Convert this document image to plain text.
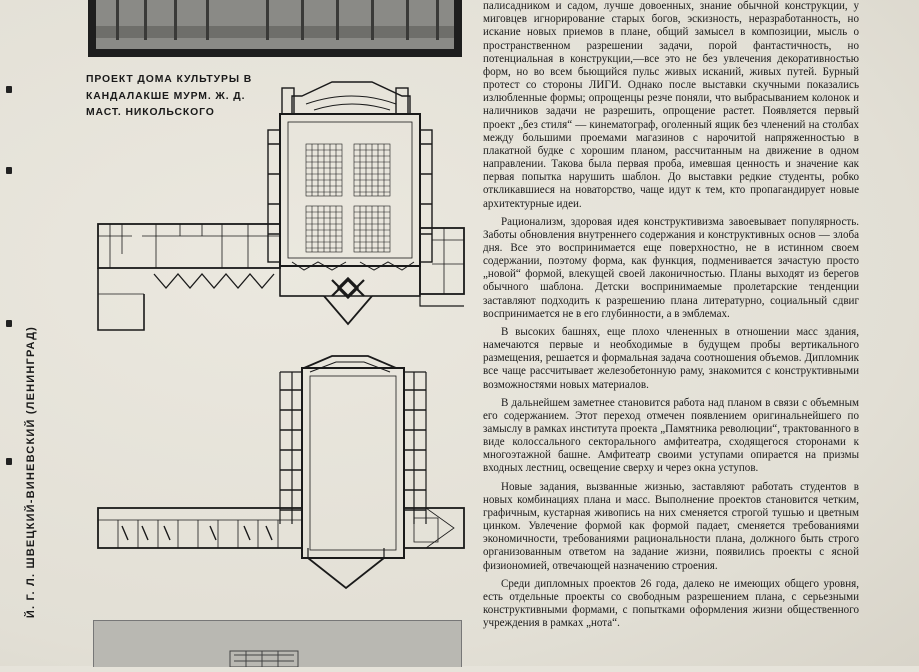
Й. Г. Л. ШВЕЦКИЙ-ВИНЕВСКИЙ (ЛЕНИНГРАД)
ПРОЕКТ ДОМА КУЛЬТУРЫ В
КАНДАЛАКШЕ МУРМ. Ж. Д.
МАСТ. НИКОЛЬСКОГО

палисадником и садом, лучше довоенных, знание обычной конструкции, у миговцев игнорирование старых богов, эскизность, неразработанность, но искание новых приемов в плане, общий замысел в композиции, мысль о пространственном разрешении задачи, порой фантастичность, но потенциальная в конструкции,—все это не без увлечения декоративностью форм, но во всем бьющийся пульс живых исканий, живых путей. Бурный протест со стороны ЛИГИ. Однако после выставки скучными показались излюбленные формы; опрощенцы резче поняли, что выбрасыванием колонок и наличников задачи не разрешить, опрощение растет. Появляется первый проект „без стиля“ — кинематограф, оголенный ящик без членений на столбах между большими проемами магазинов с нарочитой напряженностью в плакатной будке с хорошим планом, рассчитанным на движение в одном направлении. Такова была первая проба, имевшая ценность и значение как первая попытка нарушить шаблон. До выставки редкие студенты, робко откликавшиеся на новаторство, чаще идут к тем, кто пропагандирует новые архитектурные идеи.

Рационализм, здоровая идея конструктивизма завоевывает популярность. Заботы обновления внутреннего содержания и конструктивных основ — злоба дня. Все это воспринимается еще поверхностно, не в истинном своем содержании, поэтому форма, как функция, подменивается зачастую просто „новой“ формой, влекущей своей лаконичностью. Планы выходят из берегов обычного шаблона. Детски воспринимаемые пролетарские тенденции заставляют подходить к разрешению плана литературно, социальный сдвиг воспринимается не в его глубинности, а в эмблемах.

В высоких башнях, еще плохо члененных в отношении масс здания, намечаются первые и необходимые в будущем пробы вертикального размещения, решается и формальная задача соотношения объемов. Дипломник все чаще рассчитывает железобетонную раму, знакомится с конструктивными возможностями новых материалов.

В дальнейшем заметнее становится работа над планом в связи с объемным его содержанием. Этот переход отмечен появлением оригинальнейшего по замыслу в рамках института проекта „Памятника революции“, трактованного в виде колоссального секторального амфитеатра, сходящегося сторонами к многоэтажной башне. Амфитеатр своими уступами опирается на призмы входных лестниц, освещение сверху и через окна уступов.

Новые задания, вызванные жизнью, заставляют работать студентов в новых комбинациях плана и масс. Выполнение проектов становится четким, графичным, кустарная живопись на них сменяется строгой тушью и цветным цинком. Увлечение формой как формой падает, сменяется требованиями экономичности, требованиями рациональности плана, должного быть строго организованным ответом на задание жизни, появились проекты с ясной физиономией, отвечающей назначению строения.

Среди дипломных проектов 26 года, далеко не имеющих общего уровня, есть отдельные проекты со свободным разрешением плана, с серьезными конструктивными формами, с попытками оформления жизни общественного учреждения в рамках „нота“.
